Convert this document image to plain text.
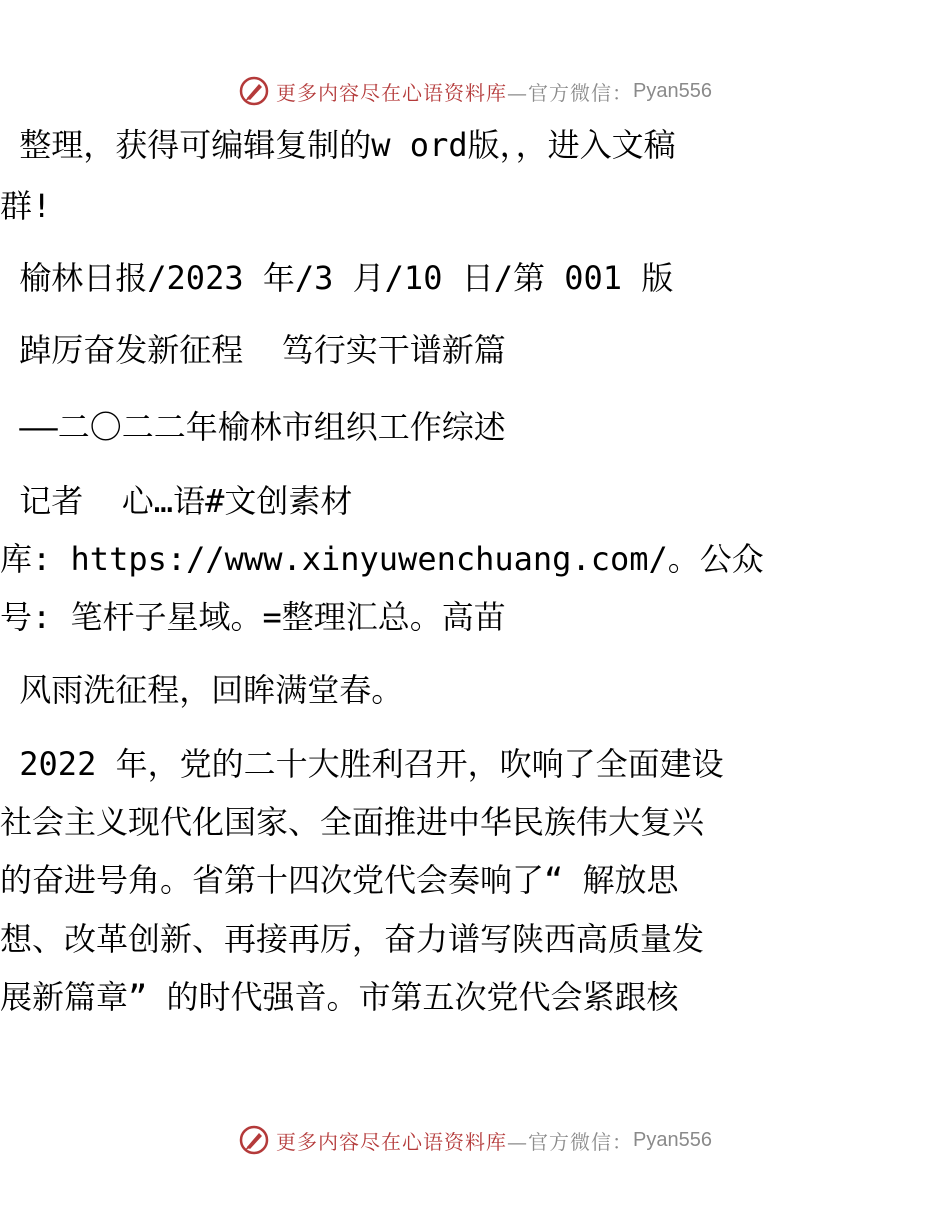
更多内容尽在心语资料库 —官方微信： Pyan556
整理，获得可编辑复制的w ord版，，进入文稿
群!
榆林日报/2023 年/3 月/10 日/第 001 版
踔厉奋发新征程  笃行实干谱新篇
——二〇二二年榆林市组织工作综述
记者  心…语#文创素材
库: https://www.xinyuwenchuang.com/。公众
号: 笔杆子星域。=整理汇总。高苗
风雨洗征程，回眸满堂春。
2022 年，党的二十大胜利召开，吹响了全面建设
社会主义现代化国家、全面推进中华民族伟大复兴
的奋进号角。省第十四次党代会奏响了“ 解放思
想、改革创新、再接再厉，奋力谱写陕西高质量发
展新篇章” 的时代强音。市第五次党代会紧跟核
更多内容尽在心语资料库 —官方微信： Pyan556
